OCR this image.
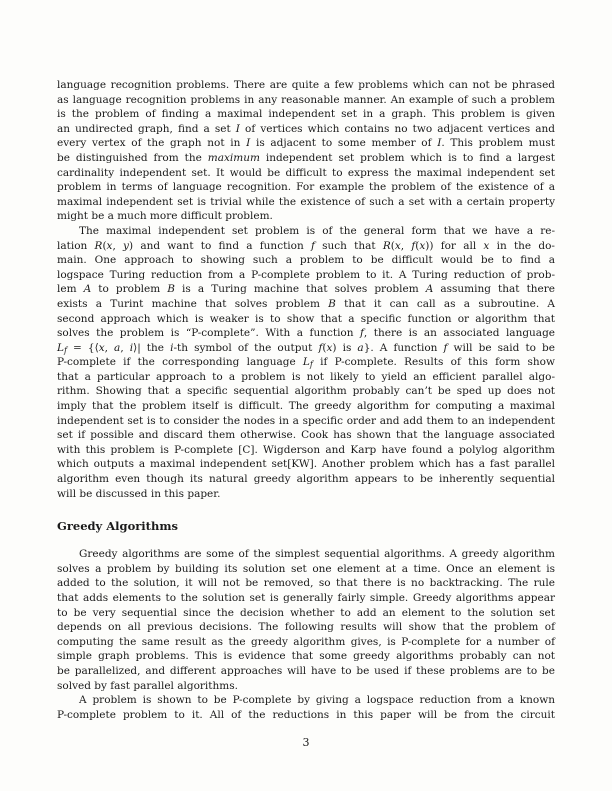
language recognition problems. There are quite a few problems which can not be phrased
as language recognition problems in any reasonable manner. An example of such a problem
is the problem of finding a maximal independent set in a graph. This problem is given
an undirected graph, find a set I of vertices which contains no two adjacent vertices and
every vertex of the graph not in I is adjacent to some member of I. This problem must
be distinguished from the maximum independent set problem which is to find a largest
cardinality independent set. It would be difficult to express the maximal independent set
problem in terms of language recognition. For example the problem of the existence of a
maximal independent set is trivial while the existence of such a set with a certain property
might be a much more difficult problem.
The maximal independent set problem is of the general form that we have a re-
lation R(x, y) and want to find a function f such that R(x, f(x)) for all x in the do-
main. One approach to showing such a problem to be difficult would be to find a
logspace Turing reduction from a P-complete problem to it. A Turing reduction of prob-
lem A to problem B is a Turing machine that solves problem A assuming that there
exists a Turint machine that solves problem B that it can call as a subroutine. A
second approach which is weaker is to show that a specific function or algorithm that
solves the problem is “P-complete”. With a function f, there is an associated language
$L_f$ = {⟨x, a, i⟩| the i-th symbol of the output f(x) is a}. A function f will be said to be
P-complete if the corresponding language $L_f$ if P-complete. Results of this form show
that a particular approach to a problem is not likely to yield an efficient parallel algo-
rithm. Showing that a specific sequential algorithm probably can’t be sped up does not
imply that the problem itself is difficult. The greedy algorithm for computing a maximal
independent set is to consider the nodes in a specific order and add them to an independent
set if possible and discard them otherwise. Cook has shown that the language associated
with this problem is P-complete [C]. Wigderson and Karp have found a polylog algorithm
which outputs a maximal independent set[KW]. Another problem which has a fast parallel
algorithm even though its natural greedy algorithm appears to be inherently sequential
will be discussed in this paper.
Greedy Algorithms
Greedy algorithms are some of the simplest sequential algorithms. A greedy algorithm
solves a problem by building its solution set one element at a time. Once an element is
added to the solution, it will not be removed, so that there is no backtracking. The rule
that adds elements to the solution set is generally fairly simple. Greedy algorithms appear
to be very sequential since the decision whether to add an element to the solution set
depends on all previous decisions. The following results will show that the problem of
computing the same result as the greedy algorithm gives, is P-complete for a number of
simple graph problems. This is evidence that some greedy algorithms probably can not
be parallelized, and different approaches will have to be used if these problems are to be
solved by fast parallel algorithms.
A problem is shown to be P-complete by giving a logspace reduction from a known
P-complete problem to it. All of the reductions in this paper will be from the circuit
3
